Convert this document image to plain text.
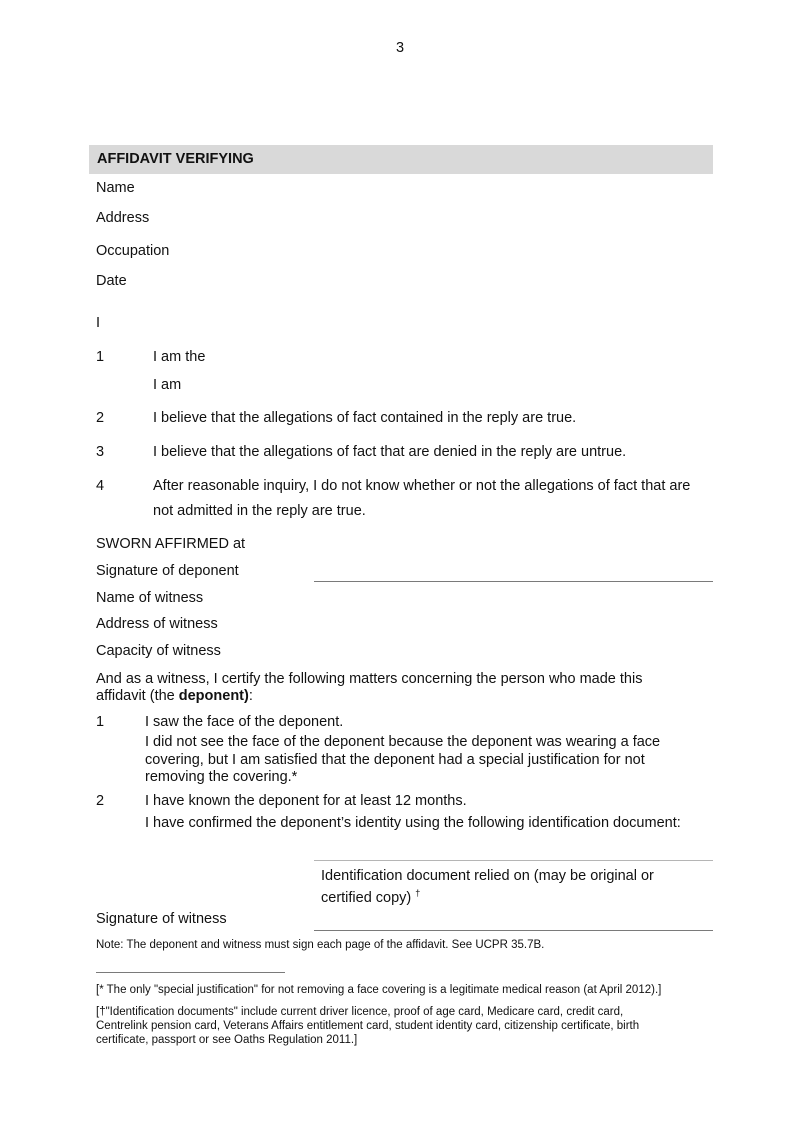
3
AFFIDAVIT VERIFYING
Name
Address
Occupation
Date
I
1	I am the
I am
2	I believe that the allegations of fact contained in the reply are true.
3	I believe that the allegations of fact that are denied in the reply are untrue.
4	After reasonable inquiry, I do not know whether or not the allegations of fact that are
not admitted in the reply are true.
SWORN AFFIRMED at
Signature of deponent
Name of witness
Address of witness
Capacity of witness
And as a witness, I certify the following matters concerning the person who made this affidavit (the deponent):
1	I saw the face of the deponent.
I did not see the face of the deponent because the deponent was wearing a face covering, but I am satisfied that the deponent had a special justification for not removing the covering.*
2	I have known the deponent for at least 12 months.
I have confirmed the deponent’s identity using the following identification document:
Identification document relied on (may be original or certified copy) †
Signature of witness
Note: The deponent and witness must sign each page of the affidavit. See UCPR 35.7B.
[* The only "special justification" for not removing a face covering is a legitimate medical reason (at April 2012).]
[†"Identification documents" include current driver licence, proof of age card, Medicare card, credit card, Centrelink pension card, Veterans Affairs entitlement card, student identity card, citizenship certificate, birth certificate, passport or see Oaths Regulation 2011.]
